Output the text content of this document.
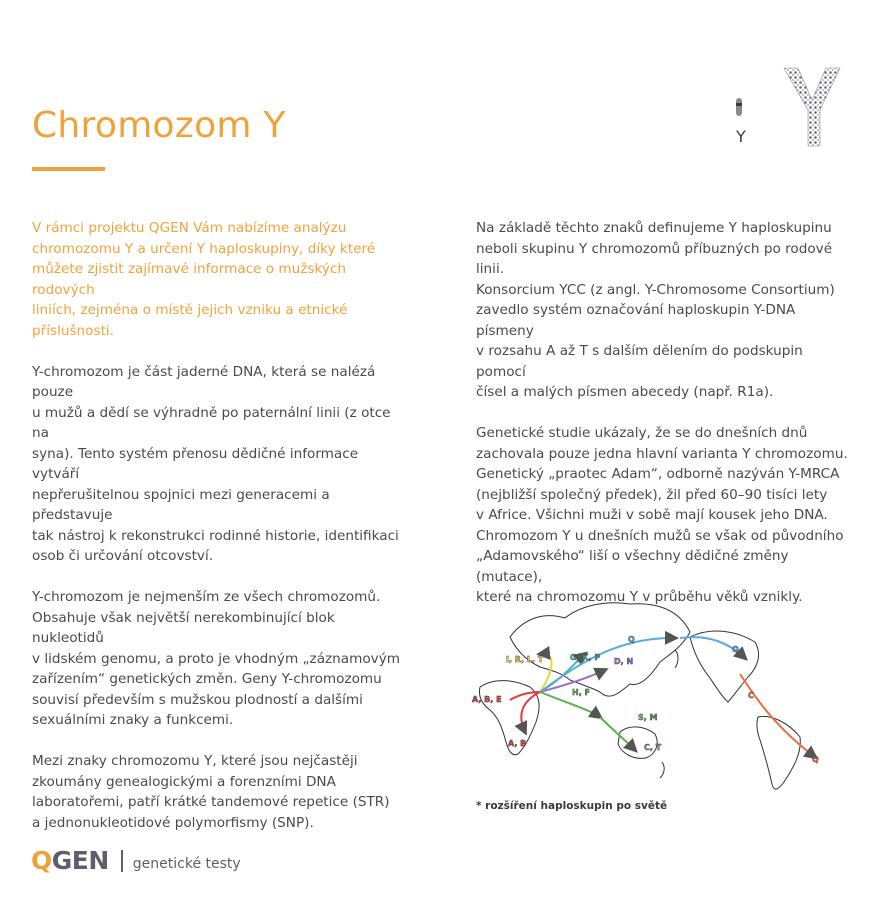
Chromozom Y	Y

V rámci projektu QGEN Vám nabízíme analýzu
chromozomu Y a určení Y haploskupiny, díky které
můžete zjistit zajímavé informace o mužských rodových
liniích, zejména o místě jejich vzniku a etnické
příslušnosti.

Y-chromozom je část jaderné DNA, která se nalézá pouze
u mužů a dědí se výhradně po paternální linii (z otce na
syna). Tento systém přenosu dědičné informace vytváří
nepřerušitelnou spojnici mezi generacemi a představuje
tak nástroj k rekonstrukci rodinné historie, identifikaci
osob či určování otcovství.

Y-chromozom je nejmenším ze všech chromozomů.
Obsahuje však největší nerekombinující blok nukleotidů
v lidském genomu, a proto je vhodným „záznamovým
zařízením“ genetických změn. Geny Y-chromozomu
souvisí především s mužskou plodností a dalšími
sexuálními znaky a funkcemi.

Mezi znaky chromozomu Y, které jsou nejčastěji
zkoumány genealogickými a forenzními DNA
laboratořemi, patří krátké tandemové repetice (STR)
a jednonukleotidové polymorfismy (SNP).

Na základě těchto znaků definujeme Y haploskupinu
neboli skupinu Y chromozomů příbuzných po rodové linii.
Konsorcium YCC (z angl. Y-Chromosome Consortium)
zavedlo systém označování haploskupin Y-DNA písmeny
v rozsahu A až T s dalším dělením do podskupin pomocí
čísel a malých písmen abecedy (např. R1a).

Genetické studie ukázaly, že se do dnešních dnů
zachovala pouze jedna hlavní varianta Y chromozomu.
Genetický „praotec Adam“, odborně nazýván Y-MRCA
(nejbližší společný předek), žil před 60–90 tisíci lety
v Africe. Všichni muži v sobě mají kousek jeho DNA.
Chromozom Y u dnešních mužů se však od původního
„Adamovského“ liší o všechny dědičné změny (mutace),
které na chromozomu Y v průběhu věků vznikly.

I, R, L, T	G, K, P
Q
D, N
A, B, E
H, F
S, M
A, B	C, T
Q
C
Q
* rozšíření haploskupin po světě
QGEN genetické testy
